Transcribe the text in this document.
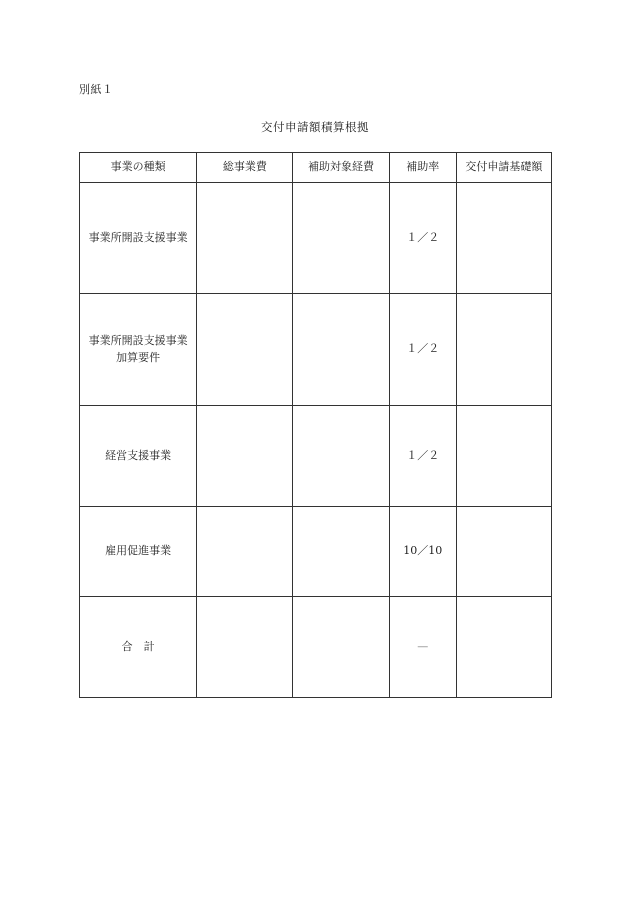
別紙１
交付申請額積算根拠
事業の種類	総事業費	補助対象経費	補助率	交付申請基礎額
事業所開設支援事業			１／２	
事業所開設支援事業
加算要件			１／２	
経営支援事業			１／２	
雇用促進事業			10／10	
合　計			—	
